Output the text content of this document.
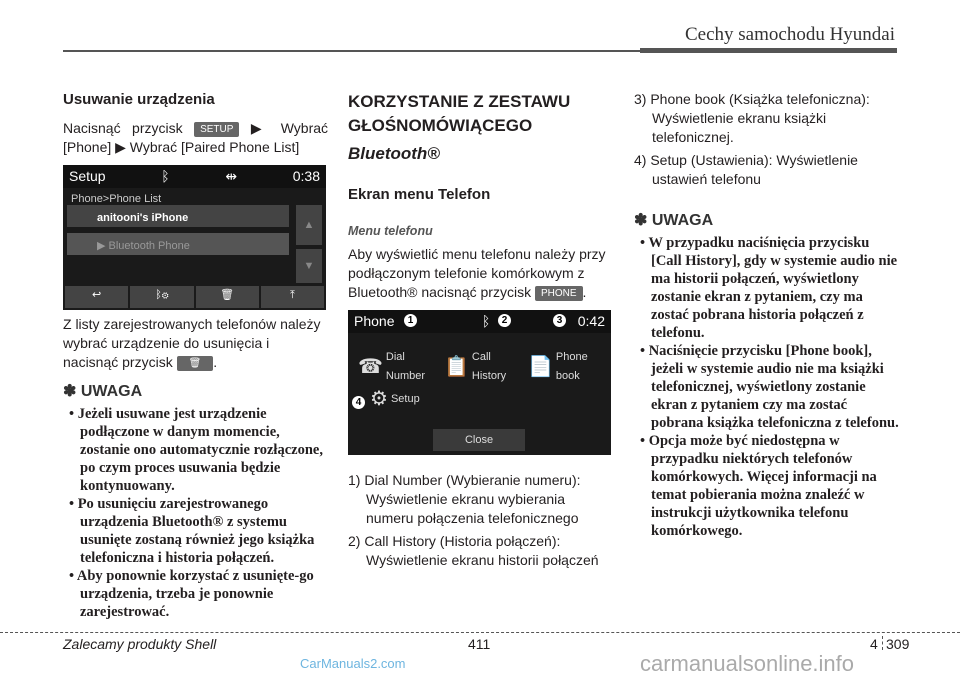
Cechy samochodu Hyundai
Usuwanie urządzenia

Nacisnąć przycisk SETUP ▶ Wybrać [Phone] ▶ Wybrać [Paired Phone List]

Setup	ᛒ	⇹	0:38
Phone>Phone List
anitooni's iPhone
▶ Bluetooth Phone
▲
▼
↩	ᛒ⚙	🗑	⤒

Z listy zarejestrowanych telefonów należy wybrać urządzenie do usunięcia i nacisnąć przycisk 🗑 .

✽ UWAGA

• Jeżeli usuwane jest urządzenie podłączone w danym momencie, zostanie ono automatycznie rozłączone, po czym proces usuwania będzie kontynuowany.

• Po usunięciu zarejestrowanego urządzenia Bluetooth® z systemu usunięte zostaną również jego książka telefoniczna i historia połączeń.

• Aby ponownie korzystać z usunięte-go urządzenia, trzeba je ponownie zarejestrować.

KORZYSTANIE Z ZESTAWU GŁOŚNOMÓWIĄCEGO

Bluetooth®

Ekran menu Telefon

Menu telefonu

Aby wyświetlić menu telefonu należy przy podłączonym telefonie komórkowym z Bluetooth® nacisnąć przycisk PHONE .

Phone	ᛒ	0:42
☎ Dial Number 📋 Call History	📄 Phone book
⚙ Setup
Close
1	2	3
4

1) Dial Number (Wybieranie numeru): Wyświetlenie ekranu wybierania numeru połączenia telefonicznego

2) Call History (Historia połączeń): Wyświetlenie ekranu historii połączeń

3) Phone book (Książka telefoniczna): Wyświetlenie ekranu książki telefonicznej.

4) Setup (Ustawienia): Wyświetlenie ustawień telefonu

✽ UWAGA

• W przypadku naciśnięcia przycisku [Call History], gdy w systemie audio nie ma historii połączeń, wyświetlony zostanie ekran z pytaniem, czy ma zostać pobrana historia połączeń z telefonu.

• Naciśnięcie przycisku [Phone book], jeżeli w systemie audio nie ma książki telefonicznej, wyświetlony zostanie ekran z pytaniem czy ma zostać pobrana książka telefoniczna z telefonu.

• Opcja może być niedostępna w przypadku niektórych telefonów komórkowych. Więcej informacji na temat pobierania można znaleźć w instrukcji użytkownika telefonu komórkowego.

CarManuals2.com
Zalecamy produkty Shell	411	4 309
carmanualsonline.info
